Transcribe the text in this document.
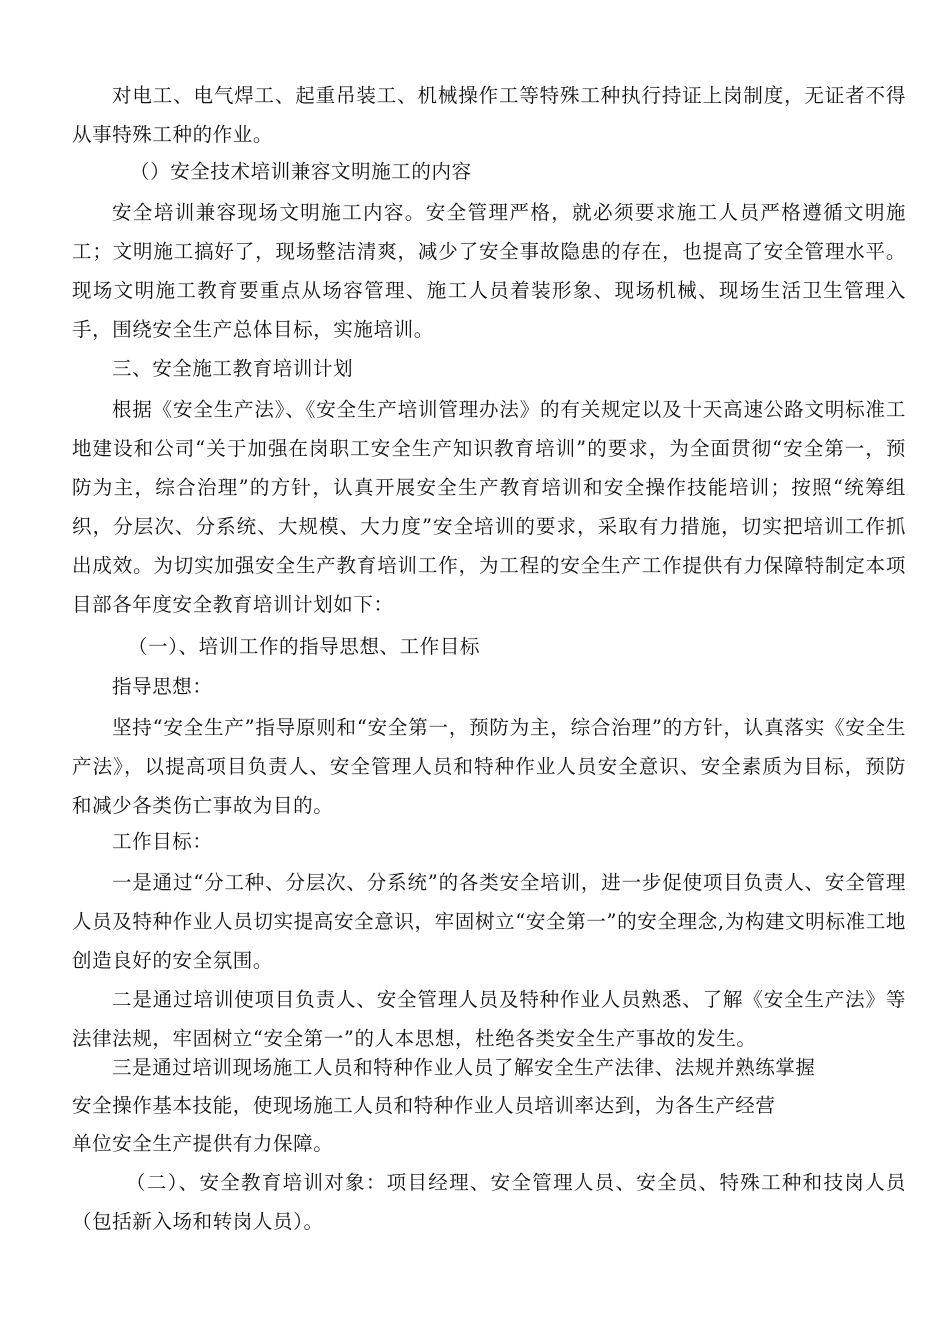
对电工、电气焊工、起重吊装工、机械操作工等特殊工种执行持证上岗制度，无证者不得从事特殊工种的作业。

（）安全技术培训兼容文明施工的内容

安全培训兼容现场文明施工内容。安全管理严格，就必须要求施工人员严格遵循文明施工；文明施工搞好了，现场整洁清爽，减少了安全事故隐患的存在，也提高了安全管理水平。现场文明施工教育要重点从场容管理、施工人员着装形象、现场机械、现场生活卫生管理入手，围绕安全生产总体目标，实施培训。

三、安全施工教育培训计划

根据《安全生产法》、《安全生产培训管理办法》的有关规定以及十天高速公路文明标准工地建设和公司“关于加强在岗职工安全生产知识教育培训”的要求，为全面贯彻“安全第一，预防为主，综合治理”的方针，认真开展安全生产教育培训和安全操作技能培训；按照“统筹组织，分层次、分系统、大规模、大力度”安全培训的要求，采取有力措施，切实把培训工作抓出成效。为切实加强安全生产教育培训工作，为工程的安全生产工作提供有力保障特制定本项目部各年度安全教育培训计划如下：

（一）、培训工作的指导思想、工作目标

指导思想：

坚持“安全生产”指导原则和“安全第一，预防为主，综合治理”的方针，认真落实《安全生产法》，以提高项目负责人、安全管理人员和特种作业人员安全意识、安全素质为目标，预防和减少各类伤亡事故为目的。

工作目标：

一是通过“分工种、分层次、分系统”的各类安全培训，进一步促使项目负责人、安全管理人员及特种作业人员切实提高安全意识，牢固树立“安全第一”的安全理念,为构建文明标准工地创造良好的安全氛围。

二是通过培训使项目负责人、安全管理人员及特种作业人员熟悉、了解《安全生产法》等法律法规，牢固树立“安全第一”的人本思想，杜绝各类安全生产事故的发生。

三是通过培训现场施工人员和特种作业人员了解安全生产法律、法规并熟练掌握

安全操作基本技能，使现场施工人员和特种作业人员培训率达到，为各生产经营

单位安全生产提供有力保障。

（二）、安全教育培训对象：项目经理、安全管理人员、安全员、特殊工种和技岗人员（包括新入场和转岗人员）。
